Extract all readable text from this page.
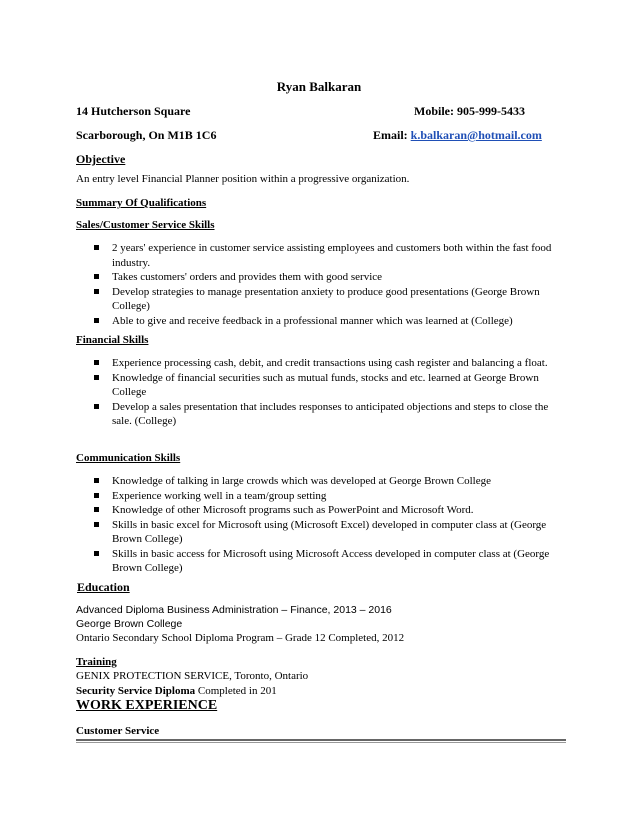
Ryan Balkaran
14 Hutcherson Square	Mobile: 905-999-5433
Scarborough, On M1B 1C6	Email: k.balkaran@hotmail.com
Objective
An entry level Financial Planner position within a progressive organization.
Summary Of Qualifications
Sales/Customer Service Skills
2 years' experience in customer service assisting employees and customers both within the fast food industry.
Takes customers' orders and provides them with good service
Develop strategies to manage presentation anxiety to produce good presentations (George Brown College)
Able to give and receive feedback in a professional manner which was learned at (College)
Financial Skills
Experience processing cash, debit, and credit transactions using cash register and balancing a float.
Knowledge of financial securities such as mutual funds, stocks and etc. learned at George Brown College
Develop a sales presentation that includes responses to anticipated objections and steps to close the sale. (College)
Communication Skills
Knowledge of talking in large crowds which was developed at George Brown College
Experience working well in a team/group setting
Knowledge of other Microsoft programs such as PowerPoint and Microsoft Word.
Skills in basic excel for Microsoft using (Microsoft Excel) developed in computer class at (George Brown College)
Skills in basic access for Microsoft using Microsoft Access developed in computer class at (George Brown College)
Education
Advanced Diploma Business Administration – Finance, 2013 – 2016
George Brown College
Ontario Secondary School Diploma Program – Grade 12 Completed, 2012
Training
GENIX PROTECTION SERVICE, Toronto, Ontario
Security Service Diploma Completed in 201
WORK EXPERIENCE
Customer Service
